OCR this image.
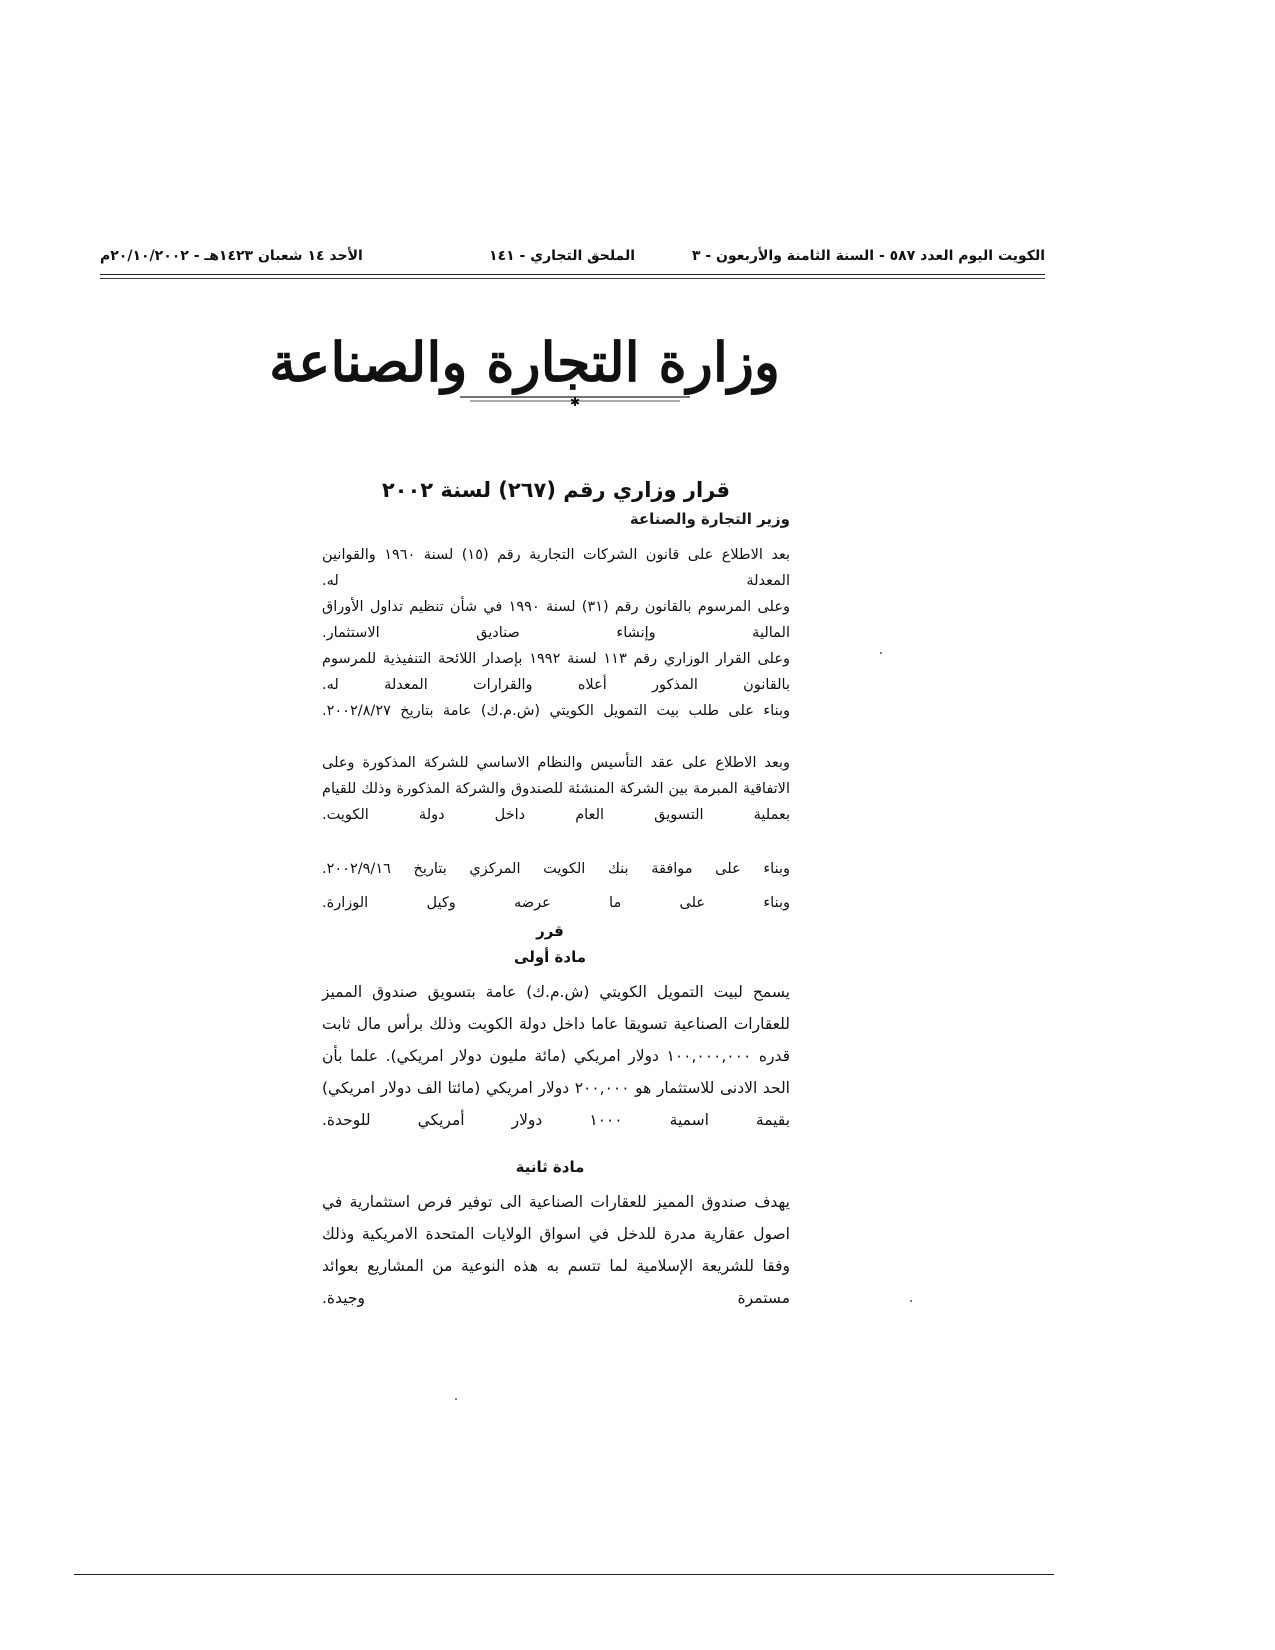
الكويت اليوم العدد ٥٨٧ - السنة الثامنة والأربعون - ٣
الملحق التجاري - ١٤١
الأحد ١٤ شعبان ١٤٢٣هـ - ٢٠/١٠/٢٠٠٢م
وزارة التجارة والصناعة
✱
قرار وزاري رقم (٢٦٧) لسنة ٢٠٠٢
وزير التجارة والصناعة
بعد الاطلاع على قانون الشركات التجارية رقم (١٥) لسنة ١٩٦٠ والقوانين المعدلة له.
وعلى المرسوم بالقانون رقم (٣١) لسنة ١٩٩٠ في شأن تنظيم تداول الأوراق المالية وإنشاء صناديق الاستثمار.
وعلى القرار الوزاري رقم ١١٣ لسنة ١٩٩٢ بإصدار اللائحة التنفيذية للمرسوم بالقانون المذكور أعلاه والقرارات المعدلة له.
وبناء على طلب بيت التمويل الكويتي (ش.م.ك) عامة بتاريخ ٢٠٠٢/٨/٢٧.
وبعد الاطلاع على عقد التأسيس والنظام الاساسي للشركة المذكورة وعلى الاتفاقية المبرمة بين الشركة المنشئة للصندوق والشركة المذكورة وذلك للقيام بعملية التسويق العام داخل دولة الكويت.
وبناء على موافقة بنك الكويت المركزي بتاريخ ٢٠٠٢/٩/١٦.
وبناء على ما عرضه وكيل الوزارة.
قرر
مادة أولى
يسمح لبيت التمويل الكويتي (ش.م.ك) عامة بتسويق صندوق المميز للعقارات الصناعية تسويقا عاما داخل دولة الكويت وذلك برأس مال ثابت قدره ١٠٠,٠٠٠,٠٠٠ دولار امريكي (مائة مليون دولار امريكي). علما بأن الحد الادنى للاستثمار هو ٢٠٠,٠٠٠ دولار امريكي (مائتا الف دولار امريكي) بقيمة اسمية ١٠٠٠ دولار أمريكي للوحدة.
مادة ثانية
يهدف صندوق المميز للعقارات الصناعية الى توفير فرص استثمارية في اصول عقارية مدرة للدخل في اسواق الولايات المتحدة الامريكية وذلك وفقا للشريعة الإسلامية لما تتسم به هذه النوعية من المشاريع بعوائد مستمرة وجيدة.
